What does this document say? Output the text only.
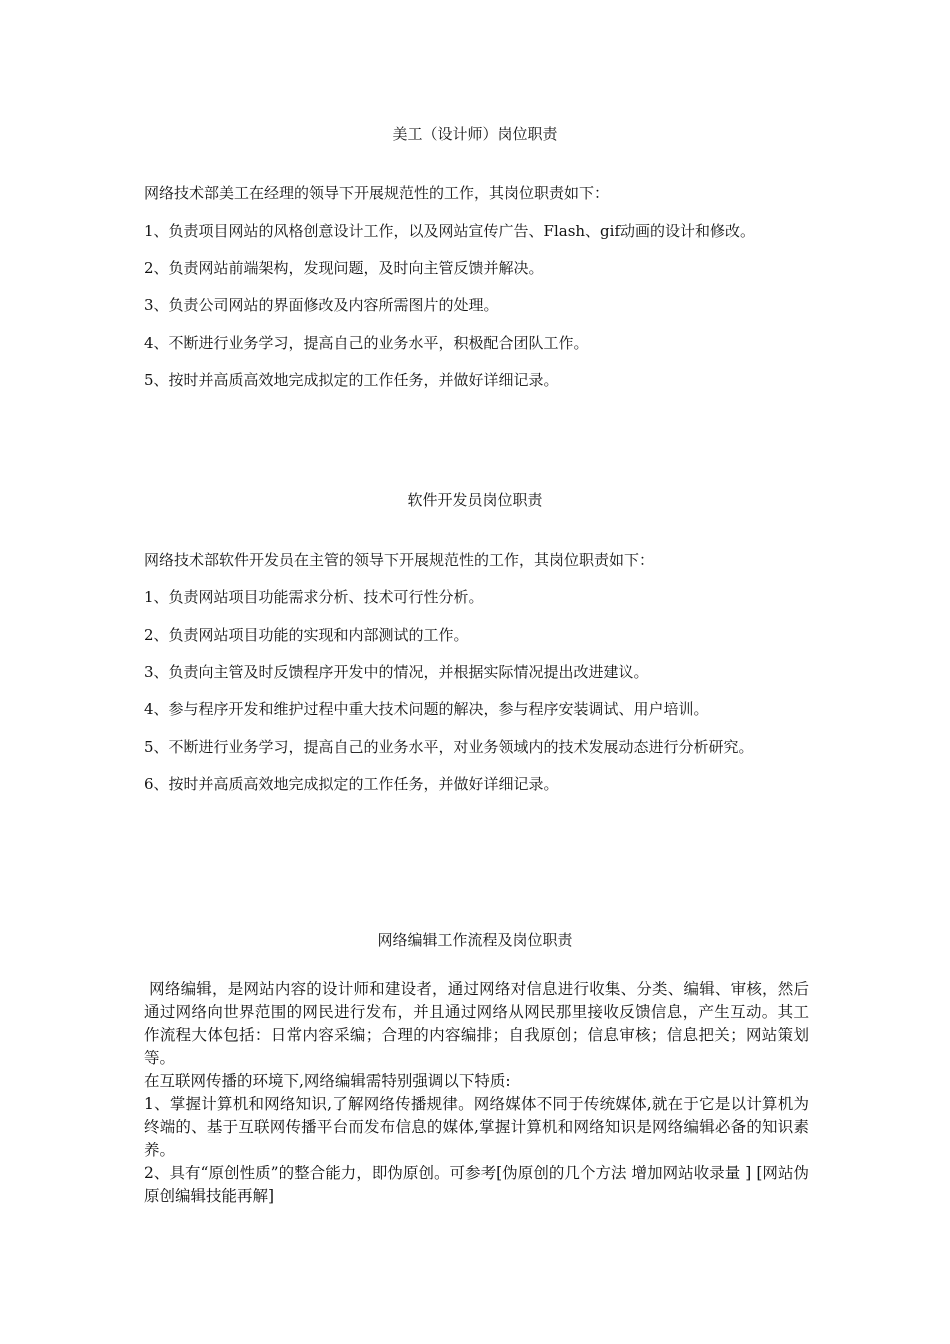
美工（设计师）岗位职责
网络技术部美工在经理的领导下开展规范性的工作，其岗位职责如下：
1、负责项目网站的风格创意设计工作，以及网站宣传广告、Flash、gif动画的设计和修改。
2、负责网站前端架构，发现问题，及时向主管反馈并解决。
3、负责公司网站的界面修改及内容所需图片的处理。
4、不断进行业务学习，提高自己的业务水平，积极配合团队工作。
5、按时并高质高效地完成拟定的工作任务，并做好详细记录。
软件开发员岗位职责
网络技术部软件开发员在主管的领导下开展规范性的工作，其岗位职责如下：
1、负责网站项目功能需求分析、技术可行性分析。
2、负责网站项目功能的实现和内部测试的工作。
3、负责向主管及时反馈程序开发中的情况，并根据实际情况提出改进建议。
4、参与程序开发和维护过程中重大技术问题的解决，参与程序安装调试、用户培训。
5、不断进行业务学习，提高自己的业务水平，对业务领域内的技术发展动态进行分析研究。
6、按时并高质高效地完成拟定的工作任务，并做好详细记录。
网络编辑工作流程及岗位职责
网络编辑，是网站内容的设计师和建设者，通过网络对信息进行收集、分类、编辑、审核，然后通过网络向世界范围的网民进行发布，并且通过网络从网民那里接收反馈信息，产生互动。其工作流程大体包括：日常内容采编；合理的内容编排；自我原创；信息审核；信息把关；网站策划等。
在互联网传播的环境下,网络编辑需特别强调以下特质:
1、掌握计算机和网络知识,了解网络传播规律。网络媒体不同于传统媒体,就在于它是以计算机为终端的、基于互联网传播平台而发布信息的媒体,掌握计算机和网络知识是网络编辑必备的知识素养。
2、具有“原创性质”的整合能力，即伪原创。可参考[伪原创的几个方法 增加网站收录量 ] [网站伪原创编辑技能再解]
